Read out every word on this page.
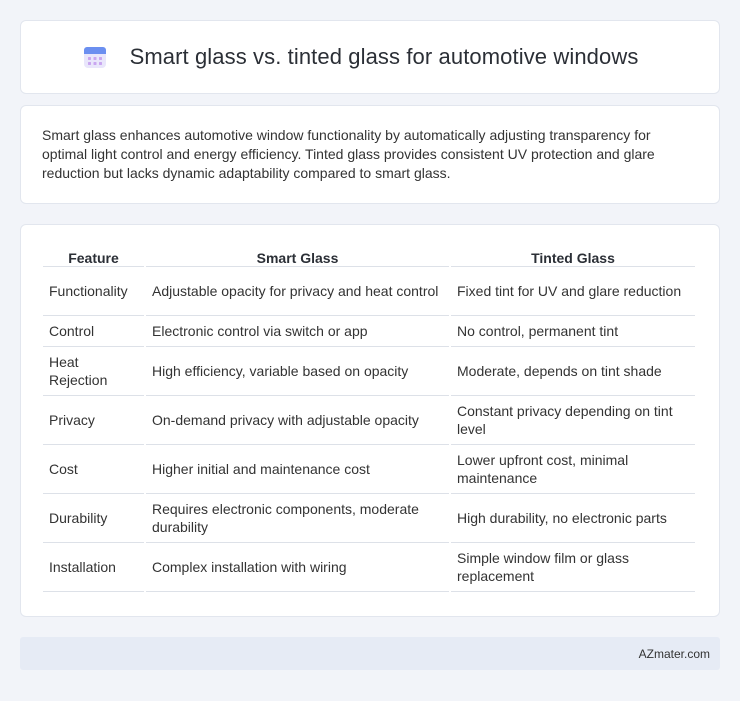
Smart glass vs. tinted glass for automotive windows

Smart glass enhances automotive window functionality by automatically adjusting transparency for optimal light control and energy efficiency. Tinted glass provides consistent UV protection and glare reduction but lacks dynamic adaptability compared to smart glass.

Feature	Smart Glass	Tinted Glass
Functionality	Adjustable opacity for privacy and heat control	Fixed tint for UV and glare reduction
Control	Electronic control via switch or app	No control, permanent tint
Heat Rejection	High efficiency, variable based on opacity	Moderate, depends on tint shade
Privacy	On-demand privacy with adjustable opacity	Constant privacy depending on tint level
Cost	Higher initial and maintenance cost	Lower upfront cost, minimal maintenance
Durability	Requires electronic components, moderate durability	High durability, no electronic parts
Installation	Complex installation with wiring	Simple window film or glass replacement
AZmater.com
